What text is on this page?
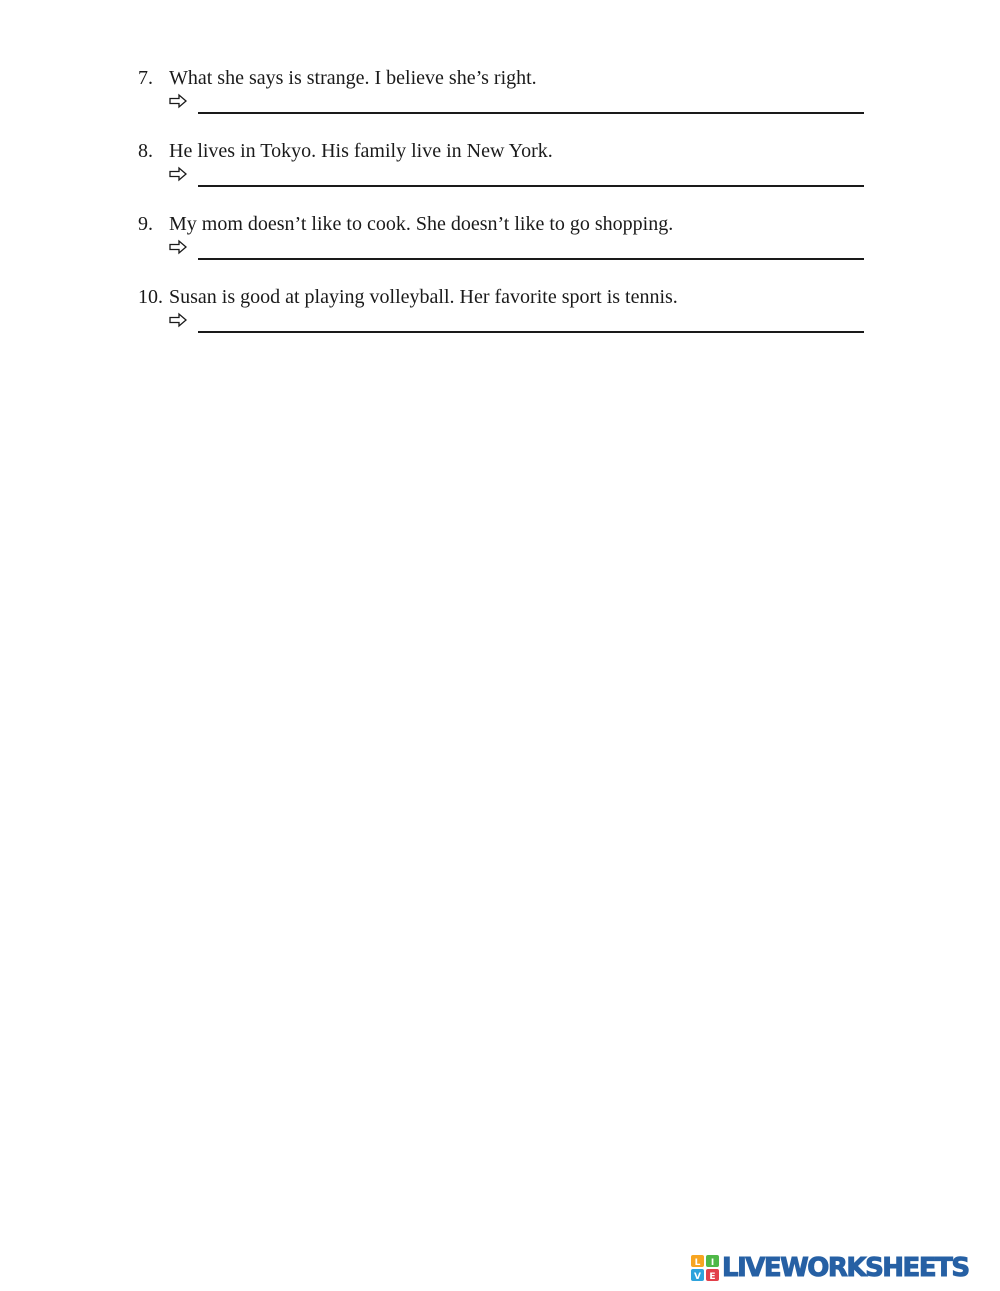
7. What she says is strange. I believe she’s right.
8. He lives in Tokyo. His family live in New York.
9. My mom doesn’t like to cook. She doesn’t like to go shopping.
10. Susan is good at playing volleyball. Her favorite sport is tennis.
L I
V E LIVEWORKSHEETS
